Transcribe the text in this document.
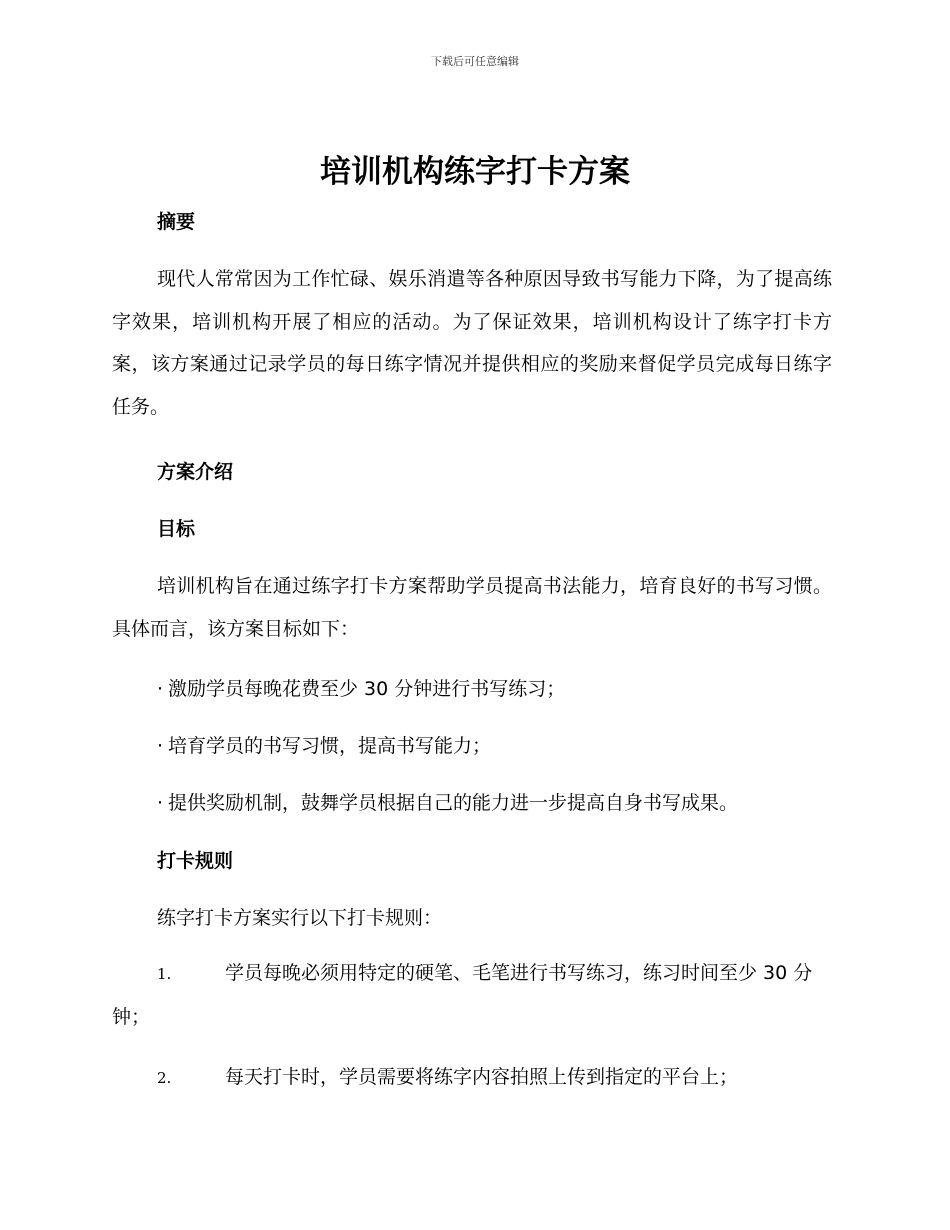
下载后可任意编辑
培训机构练字打卡方案
摘要

现代人常常因为工作忙碌、娱乐消遣等各种原因导致书写能力下降，为了提高练字效果，培训机构开展了相应的活动。为了保证效果，培训机构设计了练字打卡方案，该方案通过记录学员的每日练字情况并提供相应的奖励来督促学员完成每日练字任务。

方案介绍
目标

培训机构旨在通过练字打卡方案帮助学员提高书法能力，培育良好的书写习惯。具体而言，该方案目标如下：

· 激励学员每晚花费至少 30 分钟进行书写练习；

· 培育学员的书写习惯，提高书写能力；

· 提供奖励机制，鼓舞学员根据自己的能力进一步提高自身书写成果。

打卡规则

练字打卡方案实行以下打卡规则：

1.	学员每晚必须用特定的硬笔、毛笔进行书写练习，练习时间至少 30 分钟；

2.	每天打卡时，学员需要将练字内容拍照上传到指定的平台上；
